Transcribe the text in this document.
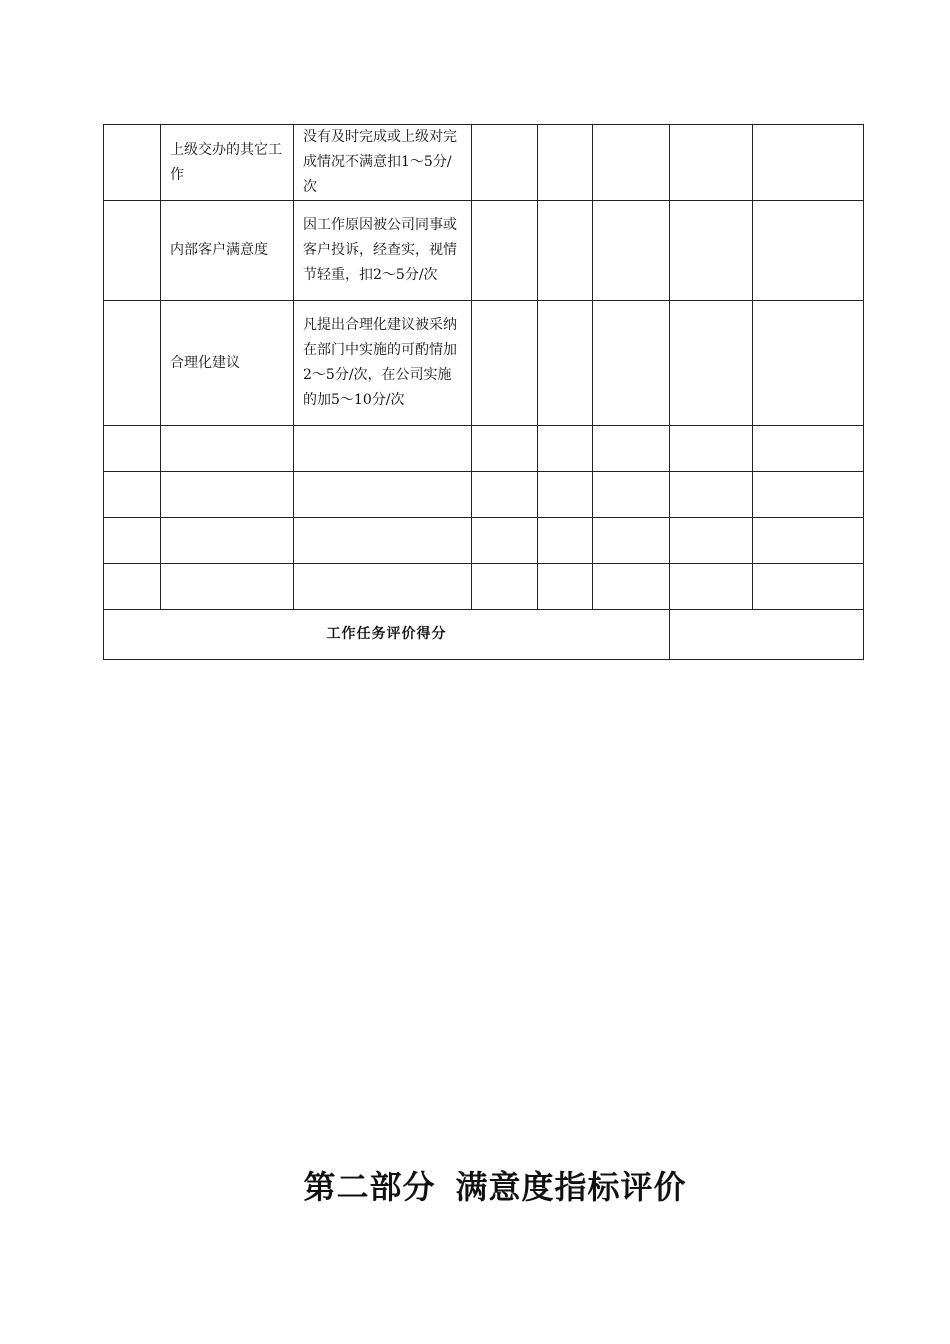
	上级交办的其它工作	没有及时完成或上级对完成情况不满意扣1～5分/次					
	内部客户满意度	因工作原因被公司同事或客户投诉，经查实，视情节轻重，扣2～5分/次					
	合理化建议	凡提出合理化建议被采纳在部门中实施的可酌情加2～5分/次，在公司实施的加5～10分/次					

工作任务评价得分							
第二部分 满意度指标评价
